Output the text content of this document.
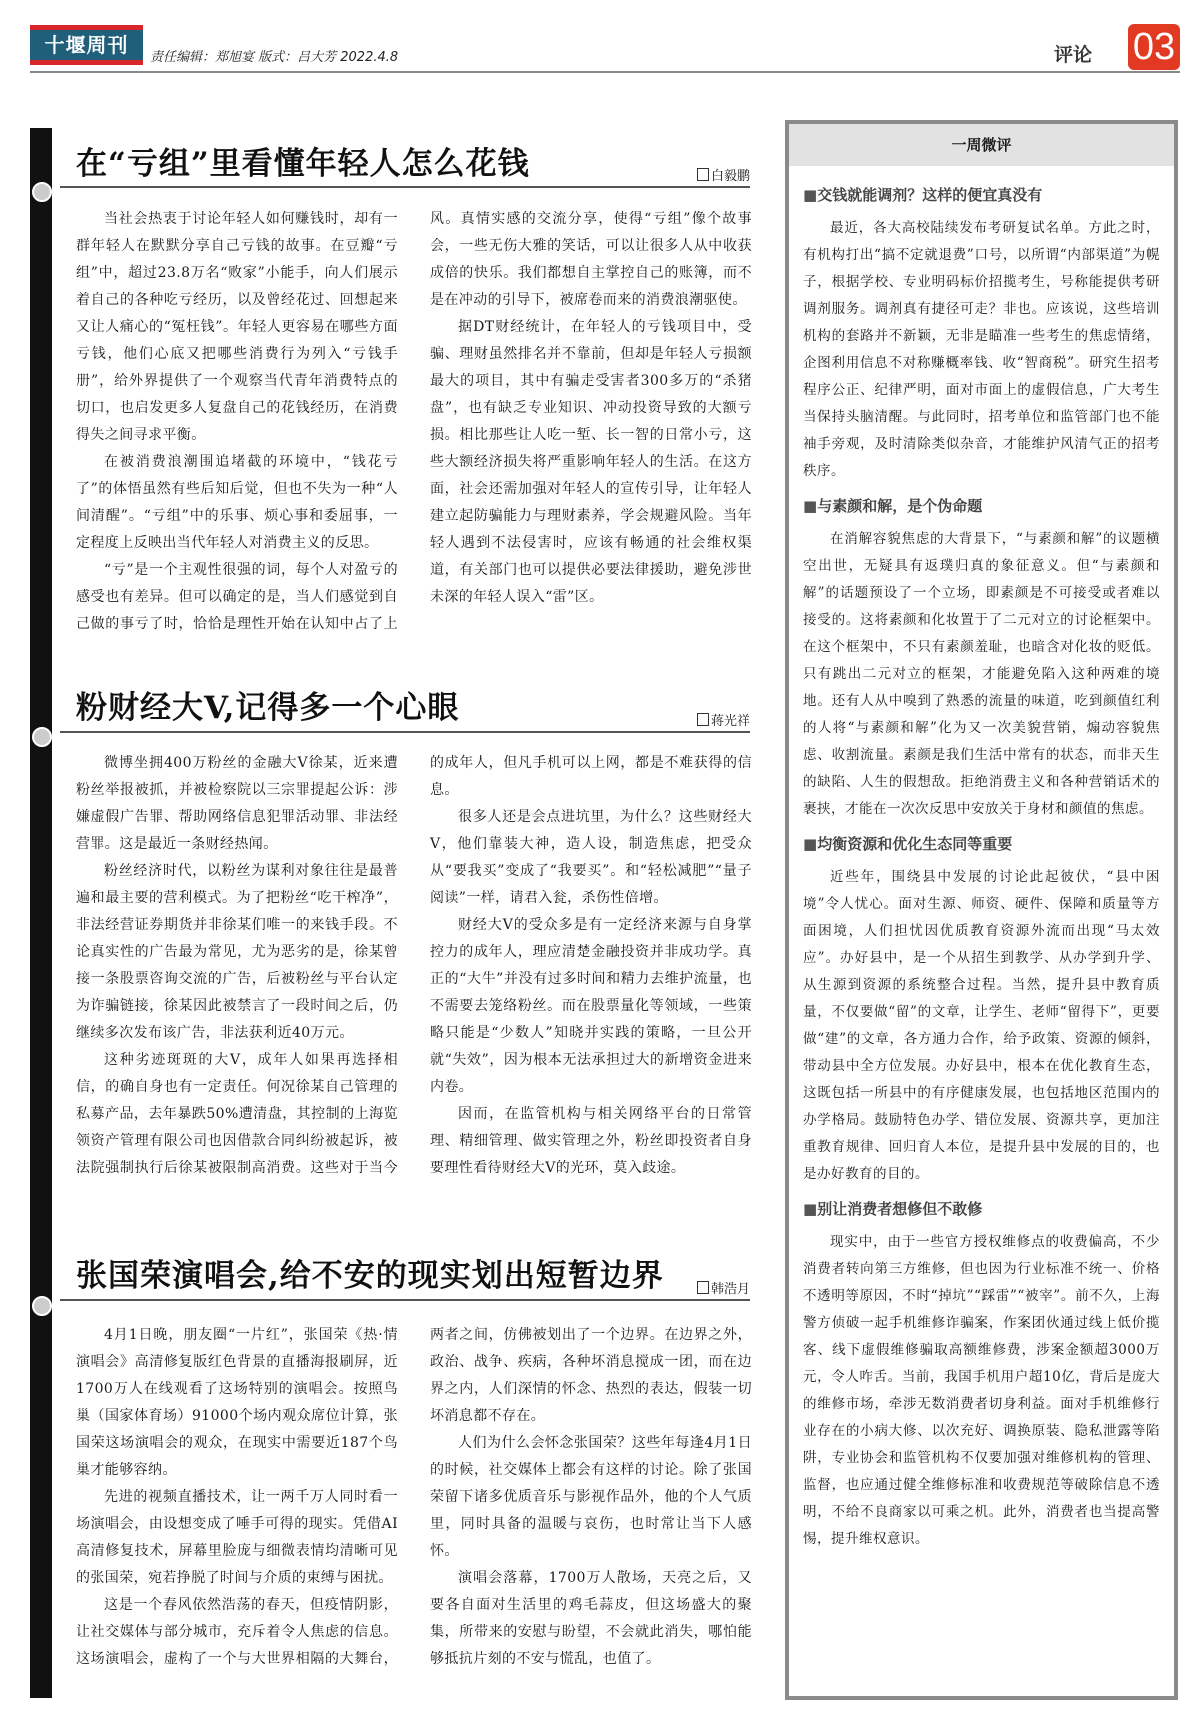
十堰周刊
责任编辑：郑旭宴 版式：吕大芳 2022.4.8	评论 03
在“亏组”里看懂年轻人怎么花钱	白毅鹏

当社会热衷于讨论年轻人如何赚钱时，却有一群年轻人在默默分享自己亏钱的故事。在豆瓣“亏组”中，超过23.8万名“败家”小能手，向人们展示着自己的各种吃亏经历，以及曾经花过、回想起来又让人痛心的“冤枉钱”。年轻人更容易在哪些方面亏钱，他们心底又把哪些消费行为列入“亏钱手册”，给外界提供了一个观察当代青年消费特点的切口，也启发更多人复盘自己的花钱经历，在消费得失之间寻求平衡。

在被消费浪潮围追堵截的环境中，“钱花亏了”的体悟虽然有些后知后觉，但也不失为一种“人间清醒”。“亏组”中的乐事、烦心事和委屈事，一定程度上反映出当代年轻人对消费主义的反思。

“亏”是一个主观性很强的词，每个人对盈亏的感受也有差异。但可以确定的是，当人们感觉到自己做的事亏了时，恰恰是理性开始在认知中占了上风。真情实感的交流分享，使得“亏组”像个故事会，一些无伤大雅的笑话，可以让很多人从中收获成倍的快乐。我们都想自主掌控自己的账簿，而不是在冲动的引导下，被席卷而来的消费浪潮驱使。

据DT财经统计，在年轻人的亏钱项目中，受骗、理财虽然排名并不靠前，但却是年轻人亏损额最大的项目，其中有骗走受害者300多万的“杀猪盘”，也有缺乏专业知识、冲动投资导致的大额亏损。相比那些让人吃一堑、长一智的日常小亏，这些大额经济损失将严重影响年轻人的生活。在这方面，社会还需加强对年轻人的宣传引导，让年轻人建立起防骗能力与理财素养，学会规避风险。当年轻人遇到不法侵害时，应该有畅通的社会维权渠道，有关部门也可以提供必要法律援助，避免涉世未深的年轻人误入“雷”区。

粉财经大V,记得多一个心眼	蒋光祥

微博坐拥400万粉丝的金融大V徐某，近来遭粉丝举报被抓，并被检察院以三宗罪提起公诉：涉嫌虚假广告罪、帮助网络信息犯罪活动罪、非法经营罪。这是最近一条财经热闻。

粉丝经济时代，以粉丝为谋利对象往往是最普遍和最主要的营利模式。为了把粉丝“吃干榨净”，非法经营证券期货并非徐某们唯一的来钱手段。不论真实性的广告最为常见，尤为恶劣的是，徐某曾接一条股票咨询交流的广告，后被粉丝与平台认定为诈骗链接，徐某因此被禁言了一段时间之后，仍继续多次发布该广告，非法获利近40万元。

这种劣迹斑斑的大V，成年人如果再选择相信，的确自身也有一定责任。何况徐某自己管理的私募产品，去年暴跌50%遭清盘，其控制的上海览领资产管理有限公司也因借款合同纠纷被起诉，被法院强制执行后徐某被限制高消费。这些对于当今的成年人，但凡手机可以上网，都是不难获得的信息。

很多人还是会点进坑里，为什么？这些财经大V，他们靠装大神，造人设，制造焦虑，把受众从“要我买”变成了“我要买”。和“轻松减肥”“量子阅读”一样，请君入瓮，杀伤性倍增。

财经大V的受众多是有一定经济来源与自身掌控力的成年人，理应清楚金融投资并非成功学。真正的“大牛”并没有过多时间和精力去维护流量，也不需要去笼络粉丝。而在股票量化等领域，一些策略只能是“少数人”知晓并实践的策略，一旦公开就“失效”，因为根本无法承担过大的新增资金进来内卷。

因而，在监管机构与相关网络平台的日常管理、精细管理、做实管理之外，粉丝即投资者自身要理性看待财经大V的光环，莫入歧途。

张国荣演唱会,给不安的现实划出短暂边界	韩浩月

4月1日晚，朋友圈“一片红”，张国荣《热·情演唱会》高清修复版红色背景的直播海报刷屏，近1700万人在线观看了这场特别的演唱会。按照鸟巢（国家体育场）91000个场内观众席位计算，张国荣这场演唱会的观众，在现实中需要近187个鸟巢才能够容纳。

先进的视频直播技术，让一两千万人同时看一场演唱会，由设想变成了唾手可得的现实。凭借AI高清修复技术，屏幕里脸庞与细微表情均清晰可见的张国荣，宛若挣脱了时间与介质的束缚与困扰。

这是一个春风依然浩荡的春天，但疫情阴影，让社交媒体与部分城市，充斥着令人焦虑的信息。这场演唱会，虚构了一个与大世界相隔的大舞台，两者之间，仿佛被划出了一个边界。在边界之外，政治、战争、疾病，各种坏消息搅成一团，而在边界之内，人们深情的怀念、热烈的表达，假装一切坏消息都不存在。

人们为什么会怀念张国荣？这些年每逢4月1日的时候，社交媒体上都会有这样的讨论。除了张国荣留下诸多优质音乐与影视作品外，他的个人气质里，同时具备的温暖与哀伤，也时常让当下人感怀。

演唱会落幕，1700万人散场，天亮之后，又要各自面对生活里的鸡毛蒜皮，但这场盛大的聚集，所带来的安慰与盼望，不会就此消失，哪怕能够抵抗片刻的不安与慌乱，也值了。

一周微评
■ 交钱就能调剂？这样的便宜真没有

最近，各大高校陆续发布考研复试名单。方此之时，有机构打出“搞不定就退费”口号，以所谓“内部渠道”为幌子，根据学校、专业明码标价招揽考生，号称能提供考研调剂服务。调剂真有捷径可走？非也。应该说，这些培训机构的套路并不新颖，无非是瞄准一些考生的焦虑情绪，企图利用信息不对称赚概率钱、收“智商税”。研究生招考程序公正、纪律严明，面对市面上的虚假信息，广大考生当保持头脑清醒。与此同时，招考单位和监管部门也不能袖手旁观，及时清除类似杂音，才能维护风清气正的招考秩序。

■ 与素颜和解，是个伪命题

在消解容貌焦虑的大背景下，“与素颜和解”的议题横空出世，无疑具有返璞归真的象征意义。但“与素颜和解”的话题预设了一个立场，即素颜是不可接受或者难以接受的。这将素颜和化妆置于了二元对立的讨论框架中。在这个框架中，不只有素颜羞耻，也暗含对化妆的贬低。只有跳出二元对立的框架，才能避免陷入这种两难的境地。还有人从中嗅到了熟悉的流量的味道，吃到颜值红利的人将“与素颜和解”化为又一次美貌营销，煽动容貌焦虑、收割流量。素颜是我们生活中常有的状态，而非天生的缺陷、人生的假想敌。拒绝消费主义和各种营销话术的裹挟，才能在一次次反思中安放关于身材和颜值的焦虑。

■ 均衡资源和优化生态同等重要

近些年，围绕县中发展的讨论此起彼伏，“县中困境”令人忧心。面对生源、师资、硬件、保障和质量等方面困境，人们担忧因优质教育资源外流而出现“马太效应”。办好县中，是一个从招生到教学、从办学到升学、从生源到资源的系统整合过程。当然，提升县中教育质量，不仅要做“留”的文章，让学生、老师“留得下”，更要做“建”的文章，各方通力合作，给予政策、资源的倾斜，带动县中全方位发展。办好县中，根本在优化教育生态，这既包括一所县中的有序健康发展，也包括地区范围内的办学格局。鼓励特色办学、错位发展、资源共享，更加注重教育规律、回归育人本位，是提升县中发展的目的，也是办好教育的目的。

■ 别让消费者想修但不敢修

现实中，由于一些官方授权维修点的收费偏高，不少消费者转向第三方维修，但也因为行业标准不统一、价格不透明等原因，不时“掉坑”“踩雷”“被宰”。前不久，上海警方侦破一起手机维修诈骗案，作案团伙通过线上低价揽客、线下虚假维修骗取高额维修费，涉案金额超3000万元，令人咋舌。当前，我国手机用户超10亿，背后是庞大的维修市场，牵涉无数消费者切身利益。面对手机维修行业存在的小病大修、以次充好、调换原装、隐私泄露等陷阱，专业协会和监管机构不仅要加强对维修机构的管理、监督，也应通过健全维修标准和收费规范等破除信息不透明，不给不良商家以可乘之机。此外，消费者也当提高警惕，提升维权意识。
